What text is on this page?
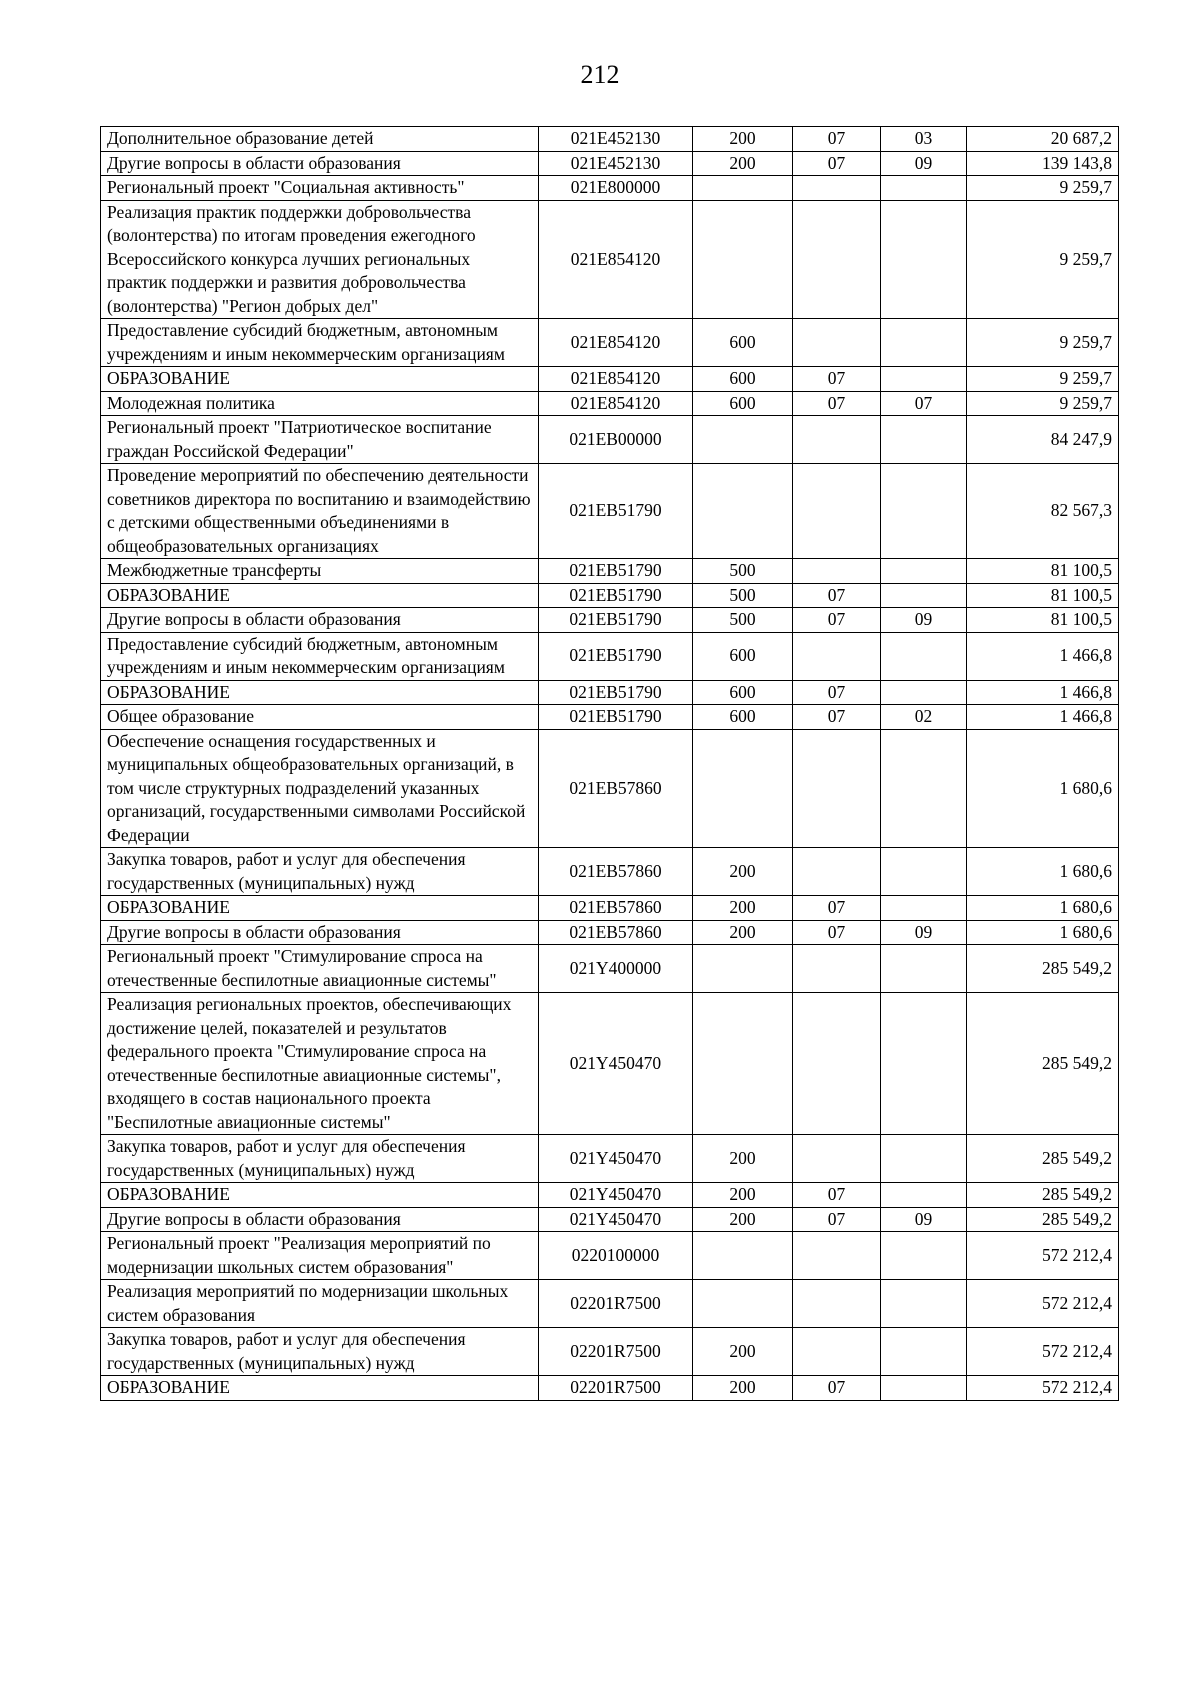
212
Дополнительное образование детей	021E452130	200	07	03	20 687,2
Другие вопросы в области образования	021E452130	200	07	09	139 143,8
Региональный проект "Социальная активность"	021E800000				9 259,7
Реализация практик поддержки добровольчества (волонтерства) по итогам проведения ежегодного Всероссийского конкурса лучших региональных практик поддержки и развития добровольчества (волонтерства) "Регион добрых дел"	021E854120				9 259,7
Предоставление субсидий бюджетным, автономным учреждениям и иным некоммерческим организациям	021E854120	600			9 259,7
ОБРАЗОВАНИЕ	021E854120	600	07		9 259,7
Молодежная политика	021E854120	600	07	07	9 259,7
Региональный проект "Патриотическое воспитание граждан Российской Федерации"	021EB00000				84 247,9
Проведение мероприятий по обеспечению деятельности советников директора по воспитанию и взаимодействию с детскими общественными объединениями в общеобразовательных организациях	021EB51790				82 567,3
Межбюджетные трансферты	021EB51790	500			81 100,5
ОБРАЗОВАНИЕ	021EB51790	500	07		81 100,5
Другие вопросы в области образования	021EB51790	500	07	09	81 100,5
Предоставление субсидий бюджетным, автономным учреждениям и иным некоммерческим организациям	021EB51790	600			1 466,8
ОБРАЗОВАНИЕ	021EB51790	600	07		1 466,8
Общее образование	021EB51790	600	07	02	1 466,8
Обеспечение оснащения государственных и муниципальных общеобразовательных организаций, в том числе структурных подразделений указанных организаций, государственными символами Российской Федерации	021EB57860				1 680,6
Закупка товаров, работ и услуг для обеспечения государственных (муниципальных) нужд	021EB57860	200			1 680,6
ОБРАЗОВАНИЕ	021EB57860	200	07		1 680,6
Другие вопросы в области образования	021EB57860	200	07	09	1 680,6
Региональный проект "Стимулирование спроса на отечественные беспилотные авиационные системы"	021Y400000				285 549,2
Реализация региональных проектов, обеспечивающих достижение целей, показателей и результатов федерального проекта "Стимулирование спроса на отечественные беспилотные авиационные системы", входящего в состав национального проекта "Беспилотные авиационные системы"	021Y450470				285 549,2
Закупка товаров, работ и услуг для обеспечения государственных (муниципальных) нужд	021Y450470	200			285 549,2
ОБРАЗОВАНИЕ	021Y450470	200	07		285 549,2
Другие вопросы в области образования	021Y450470	200	07	09	285 549,2
Региональный проект "Реализация мероприятий по модернизации школьных систем образования"	0220100000				572 212,4
Реализация мероприятий по модернизации школьных систем образования	02201R7500				572 212,4
Закупка товаров, работ и услуг для обеспечения государственных (муниципальных) нужд	02201R7500	200			572 212,4
ОБРАЗОВАНИЕ	02201R7500	200	07		572 212,4
